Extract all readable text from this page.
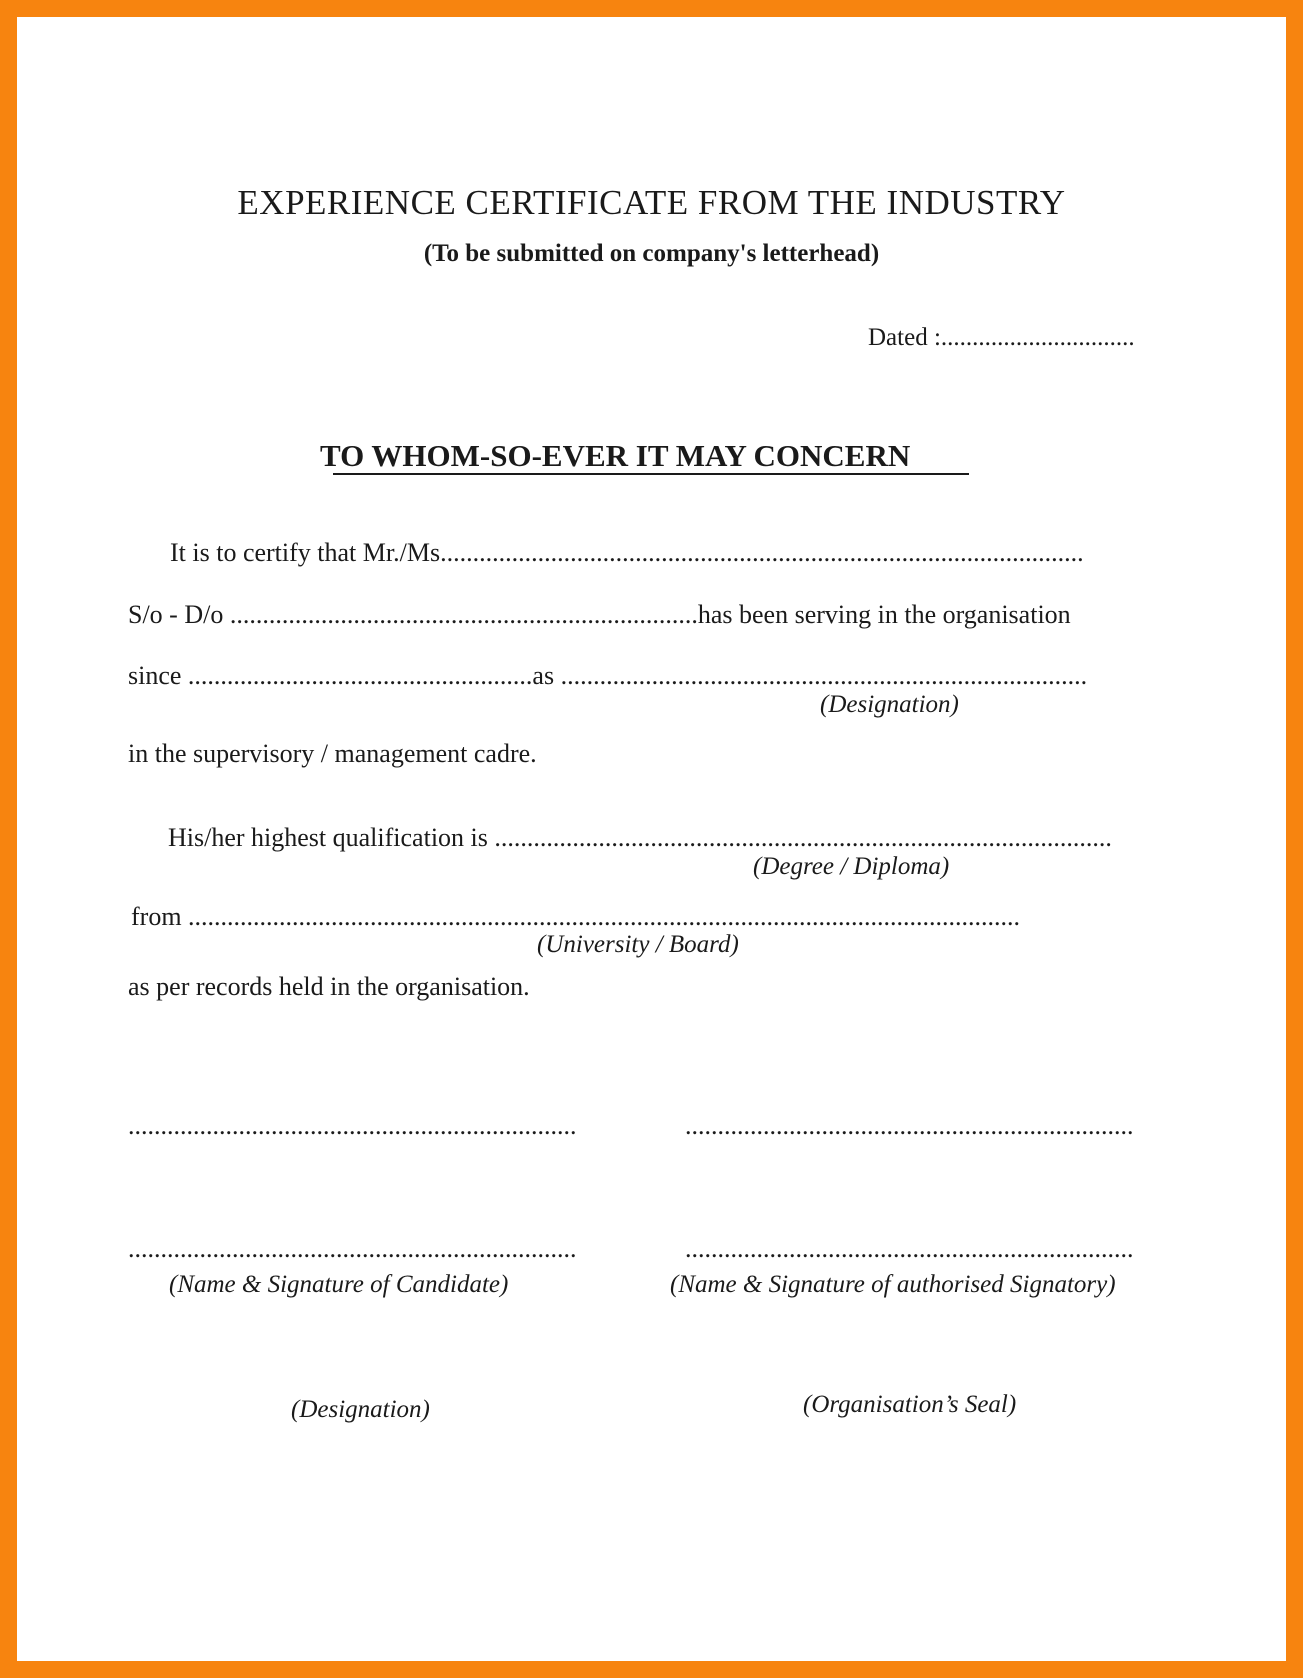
EXPERIENCE CERTIFICATE FROM THE INDUSTRY
(To be submitted on company's letterhead)
Dated :...............................
TO WHOM-SO-EVER IT MAY CONCERN
It is to certify that Mr./Ms...................................................................................................
S/o - D/o ........................................................................has been serving in the organisation
since .....................................................as .................................................................................
(Designation)
in the supervisory / management cadre.
His/her highest qualification is ...............................................................................................
(Degree / Diploma)
from ................................................................................................................................
(University / Board)
as per records held in the organisation.
.....................................................................	.....................................................................
.....................................................................	.....................................................................
(Name & Signature of Candidate)	(Name & Signature of authorised Signatory)
(Designation)	(Organisation’s Seal)
